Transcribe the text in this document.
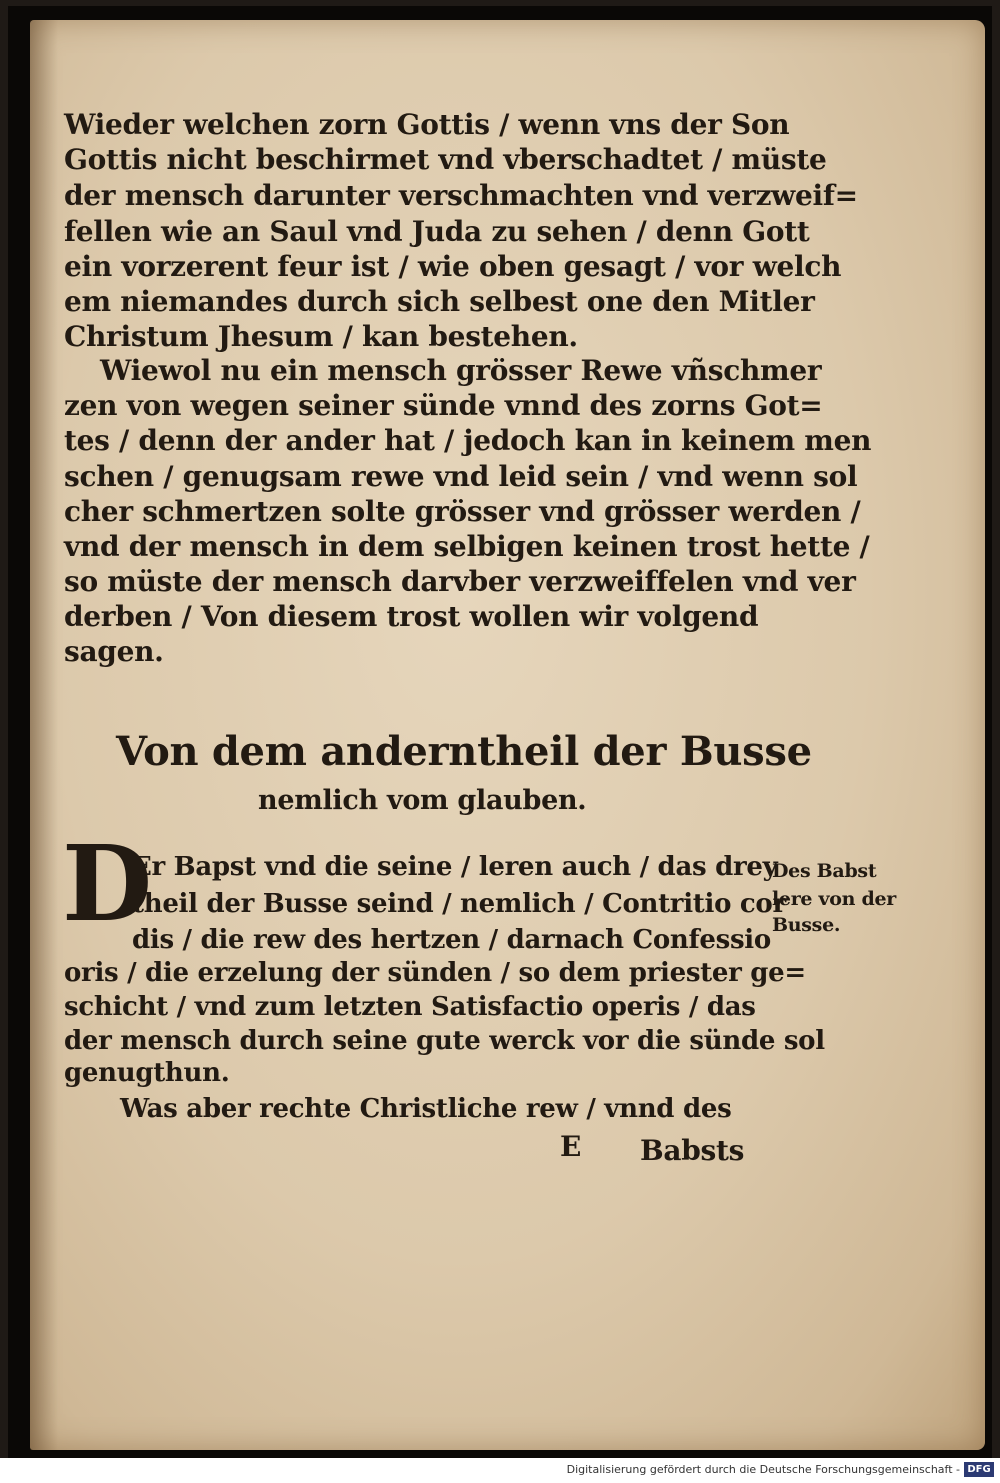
Wieder welchen zorn Gottis / wenn vns der Son

Gottis nicht beschirmet vnd vberschadtet / müste

der mensch darunter verschmachten vnd verzweif=

fellen wie an Saul vnd Juda zu sehen / denn Gott

ein vorzerent feur ist / wie oben gesagt / vor welch

em niemandes durch sich selbest one den Mitler

Christum Jhesum / kan bestehen.

Wiewol nu ein mensch grösser Rewe vñschmer

zen von wegen seiner sünde vnnd des zorns Got=

tes / denn der ander hat / jedoch kan in keinem men

schen / genugsam rewe vnd leid sein / vnd wenn sol

cher schmertzen solte grösser vnd grösser werden /

vnd der mensch in dem selbigen keinen trost hette /

so müste der mensch darvber verzweiffelen vnd ver

derben / Von diesem trost wollen wir volgend

sagen.

Von dem anderntheil der Busse

nemlich vom glauben.

D

Er Bapst vnd die seine / leren auch / das drey

theil der Busse seind / nemlich / Contritio cor

dis / die rew des hertzen / darnach Confessio

oris / die erzelung der sünden / so dem priester ge=

schicht / vnd zum letzten Satisfactio operis / das

der mensch durch seine gute werck vor die sünde sol

genugthun.

Was aber rechte Christliche rew / vnnd des

E Babsts

Des Babst

lere von der

Busse.

Digitalisierung gefördert durch die Deutsche Forschungsgemeinschaft - DFG
